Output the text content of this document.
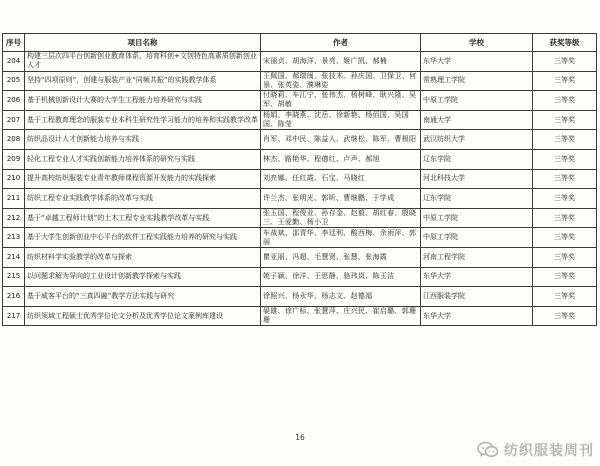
序号	项目名称	作者	学校	获奖等级
204	构建三层次四平台创新创业教育体系，培育科创+文创特色高素质创新创业人才	宋丽贞、胡海洋、景亮、姬广凯、郝楠	东华大学	三等奖
205	坚持“四项原则”，创建与服装产业“同频共振”的实践教学体系	王佩国、郝瑞闽、张技术、孙庆国、卫保卫、何景、张英姿、濮琳姿	常熟理工学院	三等奖
206	基于机械创新设计大赛的大学生工程能力培养研究与实践	付晓莉、车江宁、张伟杰、杨树峰、耿兴隆、吴军、胡敏	中原工学院	三等奖
207	基于工程教育理念的服装专业本科生研究性学习能力的培养和实践教学改革	杨娟、李晓燕、沈岳、徐新艳、杨佰国、吴国国、陈莹	南通大学	三等奖
208	纺织品设计人才创新能力培养与实践	肖军、邓中民、陈益人、武继松、陈军、曹根阳	武汉纺织大学	三等奖
209	轻化工程专业人才实践创新能力培养体系的研究与实践	林杰、路艳华、程德红、卢声、郝旭	辽东学院	三等奖
210	提升高校纺织服装专业青年教师课程资源开发能力的实践探索	刘亮娜、任红霞、石宝、马晓红	河北科技大学	三等奖
211	纺织工程专业实践教学体系的改革与实践	许兰杰、张明光、郭昕、曹继鹏、于学成	辽东学院	三等奖
212	基于“卓越工程师计划”的土木工程专业实践教学改革与实践	张玉国、程俊业、孙存金、赵毅、胡红春、殷晓三、王爱勤、杨小卫	中原工学院	三等奖
213	基于大学生创新创业中心平台的软件工程实践能力培养的研究与实践	车战斌、邵青华、李廷利、酸西梅、余雨萍、郭丽	中原工学院	三等奖
214	纺织材料学实验教学的改革与探索	瞿亚丽、冯超、毛慧贤、张慧、张海霞	河南工程学院	三等奖
215	以问题求解为导向的工业设计创新教学探索与实践	姚子颖、徐洋、王思静、骆玮岚、陈玉洁	东华大学	三等奖
216	基于威客平台的“三真四融”教学方法实践与研究	徐照兴、杨永华、杨志文、赵德福	江西服装学院	三等奖
217	纺织领域工程硕士优秀学位论文分析及优秀学位论文案例库建设	晏雄、徐广标、张慧萍、庄兴民、崔启璐、郭珊珊	东华大学	三等奖
16
纺织服装周刊
